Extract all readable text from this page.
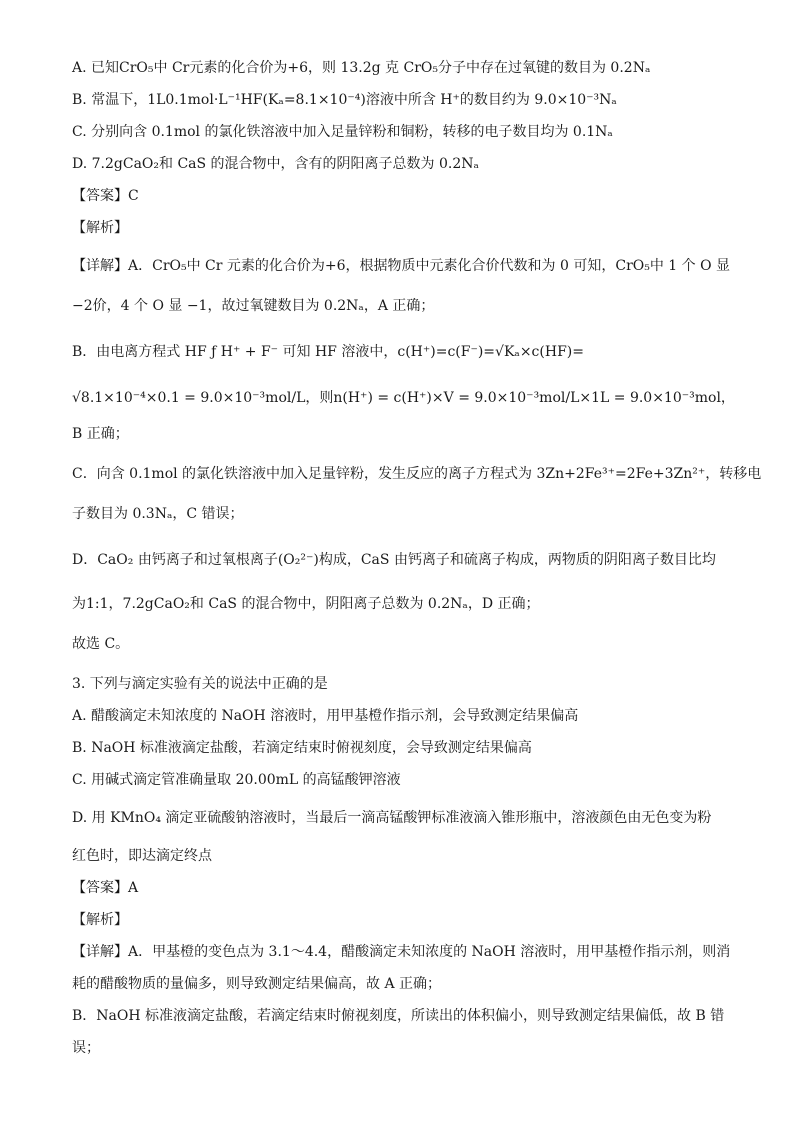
A. 已知CrO₅中 Cr元素的化合价为+6，则 13.2g 克 CrO₅分子中存在过氧键的数目为 0.2Nₐ
B. 常温下，1L0.1mol·L⁻¹HF(Kₐ=8.1×10⁻⁴)溶液中所含 H⁺的数目约为 9.0×10⁻³Nₐ
C. 分别向含 0.1mol 的氯化铁溶液中加入足量锌粉和铜粉，转移的电子数目均为 0.1Nₐ
D. 7.2gCaO₂和 CaS 的混合物中，含有的阴阳离子总数为 0.2Nₐ
【答案】C
【解析】
【详解】A．CrO₅中 Cr 元素的化合价为+6，根据物质中元素化合价代数和为 0 可知，CrO₅中 1 个 O 显
−2价，4 个 O 显 −1，故过氧键数目为 0.2Nₐ，A 正确；
B．由电离方程式 HF ƒ H⁺ + F⁻ 可知 HF 溶液中，c(H⁺)=c(F⁻)=√Kₐ×c(HF)=
√8.1×10⁻⁴×0.1 = 9.0×10⁻³mol/L，则n(H⁺) = c(H⁺)×V = 9.0×10⁻³mol/L×1L = 9.0×10⁻³mol，
B 正确；
C．向含 0.1mol 的氯化铁溶液中加入足量锌粉，发生反应的离子方程式为 3Zn+2Fe³⁺=2Fe+3Zn²⁺，转移电
子数目为 0.3Nₐ，C 错误；
D．CaO₂ 由钙离子和过氧根离子(O₂²⁻)构成，CaS 由钙离子和硫离子构成，两物质的阴阳离子数目比均
为1:1，7.2gCaO₂和 CaS 的混合物中，阴阳离子总数为 0.2Nₐ，D 正确；
故选 C。
3. 下列与滴定实验有关的说法中正确的是
A. 醋酸滴定未知浓度的 NaOH 溶液时，用甲基橙作指示剂，会导致测定结果偏高
B. NaOH 标准液滴定盐酸，若滴定结束时俯视刻度，会导致测定结果偏高
C. 用碱式滴定管准确量取 20.00mL 的高锰酸钾溶液
D. 用 KMnO₄ 滴定亚硫酸钠溶液时，当最后一滴高锰酸钾标准液滴入锥形瓶中，溶液颜色由无色变为粉
红色时，即达滴定终点
【答案】A
【解析】
【详解】A．甲基橙的变色点为 3.1～4.4，醋酸滴定未知浓度的 NaOH 溶液时，用甲基橙作指示剂，则消
耗的醋酸物质的量偏多，则导致测定结果偏高，故 A 正确；
B．NaOH 标准液滴定盐酸，若滴定结束时俯视刻度，所读出的体积偏小，则导致测定结果偏低，故 B 错
误；
